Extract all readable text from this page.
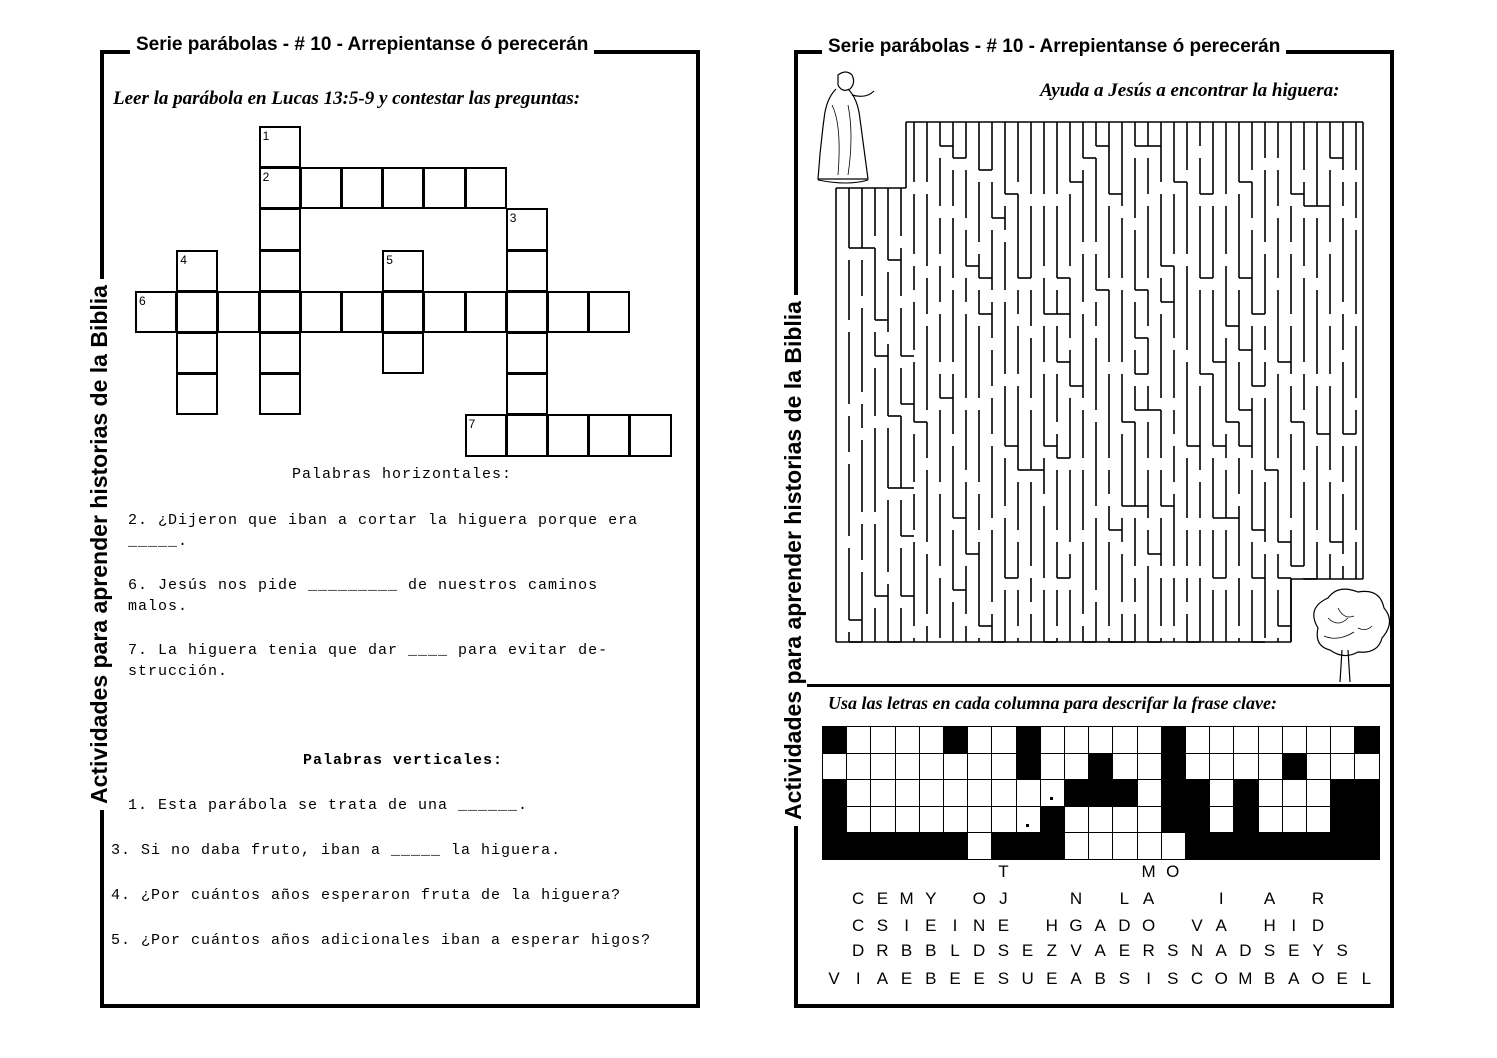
Serie parábolas - # 10 - Arrepientanse ó perecerán
Actividades para aprender historias de la Biblia
Leer la parábola en Lucas 13:5-9 y contestar las preguntas:
1
2
3
4	5
6
7
Palabras horizontales:
2. ¿Dijeron que iban a cortar la higuera porque era
_____.
6. Jesús nos pide _________ de nuestros caminos
malos.
7. La higuera tenia que dar ____ para evitar de-
strucción.
Palabras verticales:
1. Esta parábola se trata de una ______.
3. Si no daba fruto, iban a _____ la higuera.
4. ¿Por cuántos años esperaron fruta de la higuera?
5. ¿Por cuántos años adicionales iban a esperar higos?
Serie parábolas - # 10 - Arrepientanse ó perecerán
Actividades para aprender historias de la Biblia
Ayuda a Jesús a encontrar la higuera:
Usa las letras en cada columna para descrifar la frase clave:
T	M O
C E M Y	O J	N	L A	I	A	R
C S I E I N E	H G A D O	V A	H I D
D R B B L D S E Z V A E R S N A D S E Y S
V I A E B E E S U E A B S I S C O M B A O E L
